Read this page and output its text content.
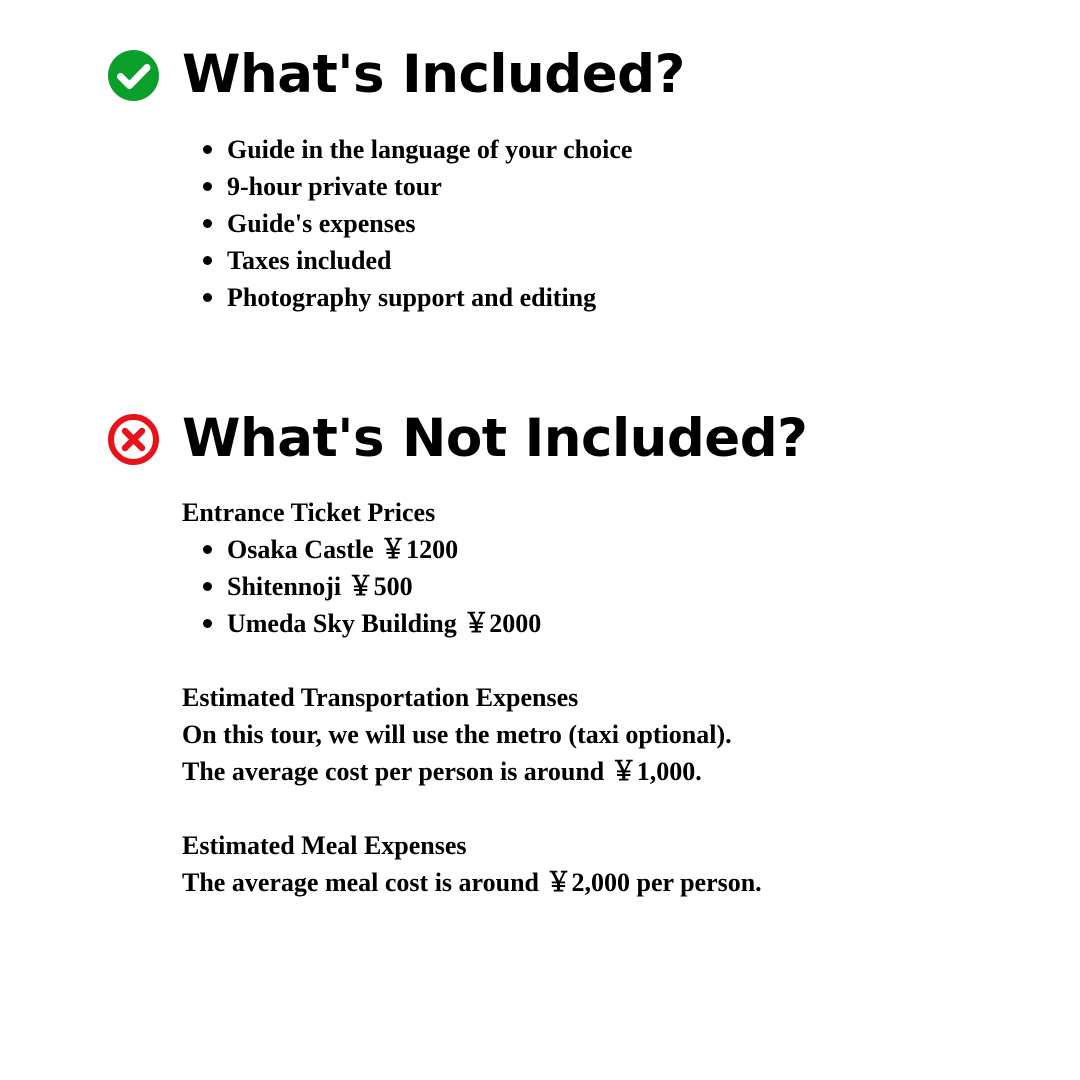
What's Included?
Guide in the language of your choice
9-hour private tour
Guide's expenses
Taxes included
Photography support and editing
What's Not Included?
Entrance Ticket Prices
Osaka Castle ￥1200
Shitennoji ￥500
Umeda Sky Building ￥2000
Estimated Transportation Expenses
On this tour, we will use the metro (taxi optional).
The average cost per person is around ￥1,000.
Estimated Meal Expenses
The average meal cost is around ￥2,000 per person.
